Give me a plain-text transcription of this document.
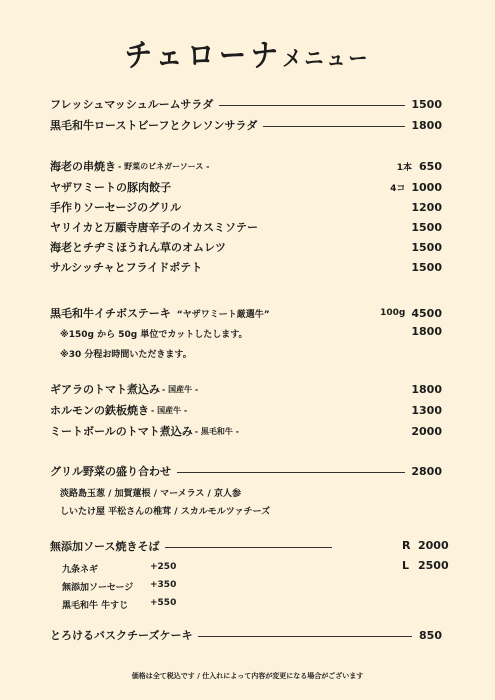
チェローナメニュー
フレッシュマッシュルームサラダ	1500
黒毛和牛ローストビーフとクレソンサラダ	1800
海老の串焼き - 野菜のビネガーソース -	1本 650
ヤザワミートの豚肉餃子	4コ 1000
手作りソーセージのグリル	1200
ヤリイカと万願寺唐辛子のイカスミソテー	1500
海老とチヂミほうれん草のオムレツ	1500
サルシッチャとフライドポテト	1500
黒毛和牛イチボステーキ “ヤザワミート厳選牛”	100g 4500
※150g から 50g 単位でカットしたします。	1800
※30 分程お時間いただきます。
ギアラのトマト煮込み - 国産牛 -	1800
ホルモンの鉄板焼き - 国産牛 -	1300
ミートボールのトマト煮込み - 黒毛和牛 -	2000
グリル野菜の盛り合わせ	2800
淡路島玉葱 / 加賀蓮根 / マーメラス / 京人参
しいたけ屋 平松さんの椎茸 / スカルモルツァチーズ
無添加ソース焼きそば	R 2000
L 2500
九条ネギ	+250
無添加ソーセージ +350
黒毛和牛 牛すじ +550
とろけるバスクチーズケーキ	850
価格は全て税込です / 仕入れによって内容が変更になる場合がございます
